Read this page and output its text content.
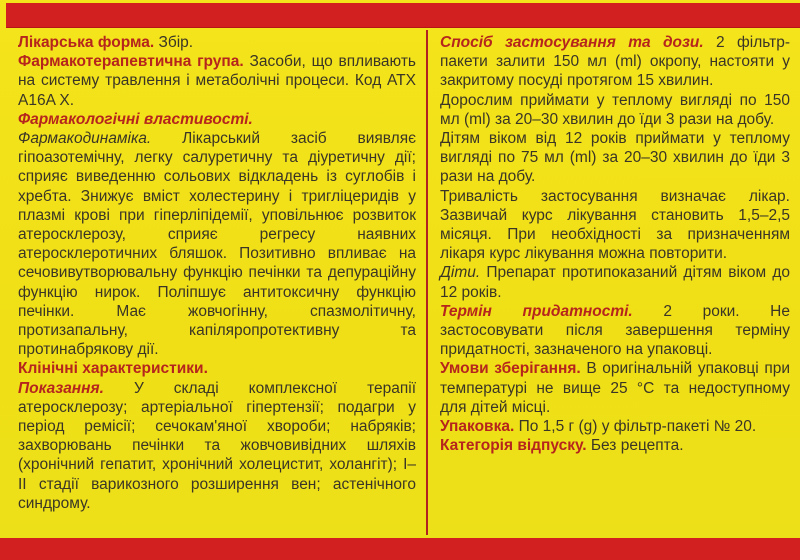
Лікарська форма. Збір.

Фармакотерапевтична група. Засоби, що впливають на систему травлення і метаболічні процеси. Код АТХ A16A X.

Фармакологічні властивості.

Фармакодинаміка. Лікарський засіб виявляє гіпоазотемічну, легку салуретичну та діуретичну дії; сприяє виведенню сольових відкладень із суглобів і хребта. Знижує вміст холестерину і тригліцеридів у плазмі крові при гіперліпідемії, уповільнює розвиток атеросклерозу, сприяє регресу наявних атеросклеротичних бляшок. Позитивно впливає на сечовивутворювальну функцію печінки та депураційну функцію нирок. Поліпшує антитоксичну функцію печінки. Має жовчогінну, спазмолітичну, протизапальну, капіляропротективну та протинабрякову дії.

Клінічні характеристики.

Показання. У складі комплексної терапії атеросклерозу; артеріальної гіпертензії; подагри у період ремісії; сечокам'яної хвороби; набряків; захворювань печінки та жовчовивідних шляхів (хронічний гепатит, хронічний холецистит, холангіт); I–II стадії варикозного розширення вен; астенічного синдрому.

Спосіб застосування та дози. 2 фільтр-пакети залити 150 мл (ml) окропу, настояти у закритому посуді протягом 15 хвилин.

Дорослим приймати у теплому вигляді по 150 мл (ml) за 20–30 хвилин до їди 3 рази на добу.

Дітям віком від 12 років приймати у теплому вигляді по 75 мл (ml) за 20–30 хвилин до їди 3 рази на добу.

Тривалість застосування визначає лікар. Зазвичай курс лікування становить 1,5–2,5 місяця. При необхідності за призначенням лікаря курс лікування можна повторити.

Діти. Препарат протипоказаний дітям віком до 12 років.

Термін придатності. 2 роки. Не застосовувати після завершення терміну придатності, зазначеного на упаковці.

Умови зберігання. В оригінальній упаковці при температурі не вище 25 °С та недоступному для дітей місці.

Упаковка. По 1,5 г (g) у фільтр-пакеті № 20.

Категорія відпуску. Без рецепта.
